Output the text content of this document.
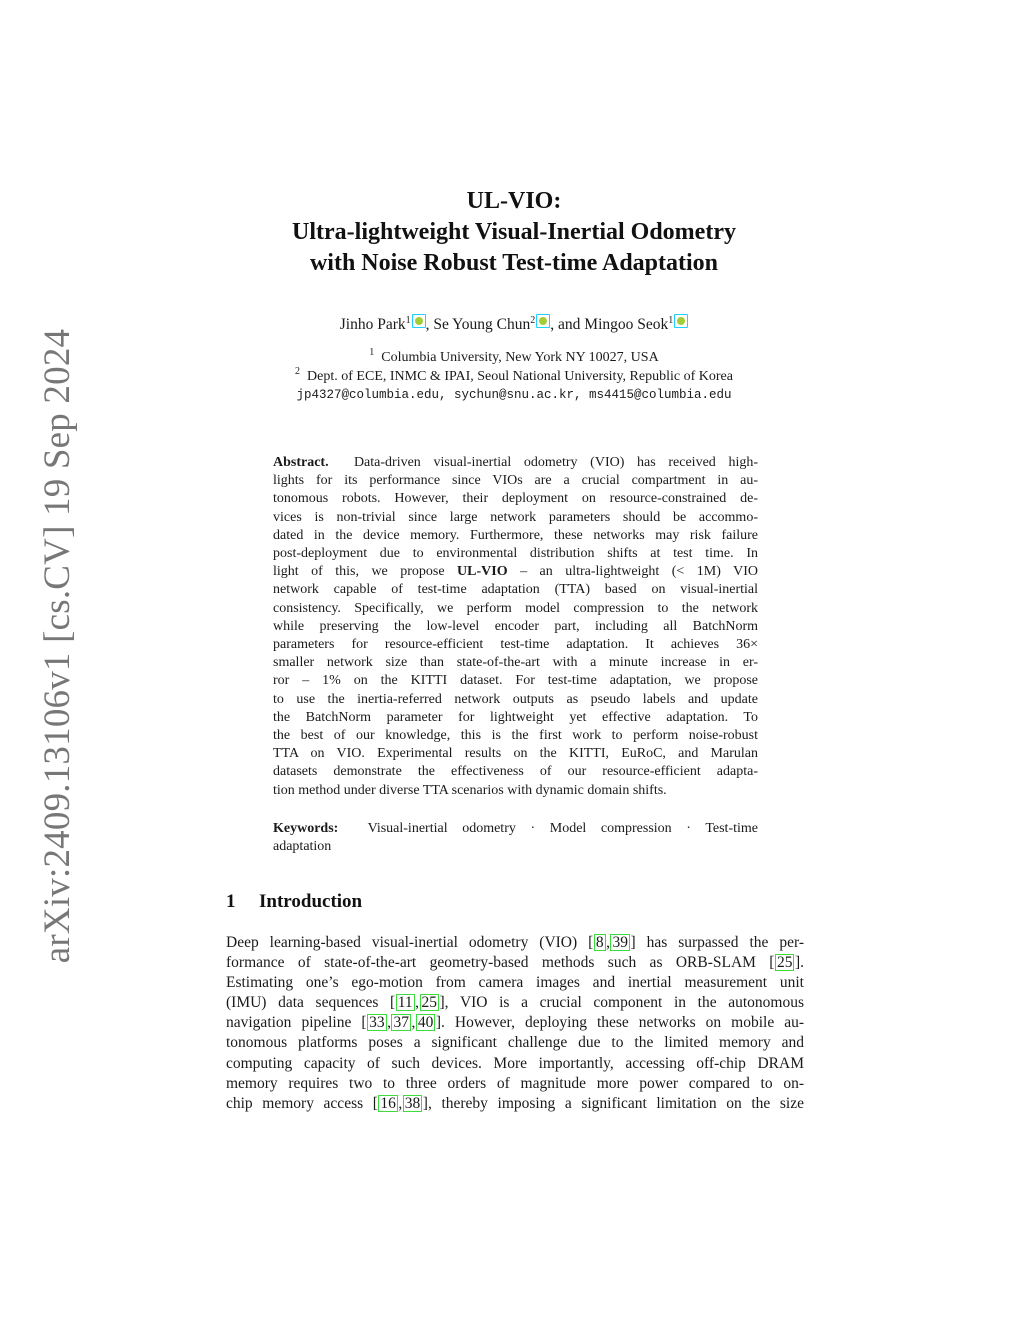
arXiv:2409.13106v1 [cs.CV] 19 Sep 2024
UL-VIO:
Ultra-lightweight Visual-Inertial Odometry
with Noise Robust Test-time Adaptation
Jinho Park$^1$ , Se Young Chun$^2$ , and Mingoo Seok$^1$
$^1$ Columbia University, New York NY 10027, USA
$^2$ Dept. of ECE, INMC & IPAI, Seoul National University, Republic of Korea
jp4327@columbia.edu, sychun@snu.ac.kr, ms4415@columbia.edu
Abstract. Data-driven visual-inertial odometry (VIO) has received high-
lights for its performance since VIOs are a crucial compartment in au-
tonomous robots. However, their deployment on resource-constrained de-
vices is non-trivial since large network parameters should be accommo-
dated in the device memory. Furthermore, these networks may risk failure
post-deployment due to environmental distribution shifts at test time. In
light of this, we propose UL-VIO – an ultra-lightweight (< 1M) VIO
network capable of test-time adaptation (TTA) based on visual-inertial
consistency. Specifically, we perform model compression to the network
while preserving the low-level encoder part, including all BatchNorm
parameters for resource-efficient test-time adaptation. It achieves 36×
smaller network size than state-of-the-art with a minute increase in er-
ror – 1% on the KITTI dataset. For test-time adaptation, we propose
to use the inertia-referred network outputs as pseudo labels and update
the BatchNorm parameter for lightweight yet effective adaptation. To
the best of our knowledge, this is the first work to perform noise-robust
TTA on VIO. Experimental results on the KITTI, EuRoC, and Marulan
datasets demonstrate the effectiveness of our resource-efficient adapta-
tion method under diverse TTA scenarios with dynamic domain shifts.
Keywords: Visual-inertial odometry · Model compression · Test-time
adaptation
1 Introduction
Deep learning-based visual-inertial odometry (VIO) [ 8 , 39 ] has surpassed the per-
formance of state-of-the-art geometry-based methods such as ORB-SLAM [ 25 ].
Estimating one’s ego-motion from camera images and inertial measurement unit
(IMU) data sequences [ 11 , 25 ], VIO is a crucial component in the autonomous
navigation pipeline [ 33 , 37 , 40 ]. However, deploying these networks on mobile au-
tonomous platforms poses a significant challenge due to the limited memory and
computing capacity of such devices. More importantly, accessing off-chip DRAM
memory requires two to three orders of magnitude more power compared to on-
chip memory access [ 16 , 38 ], thereby imposing a significant limitation on the size
